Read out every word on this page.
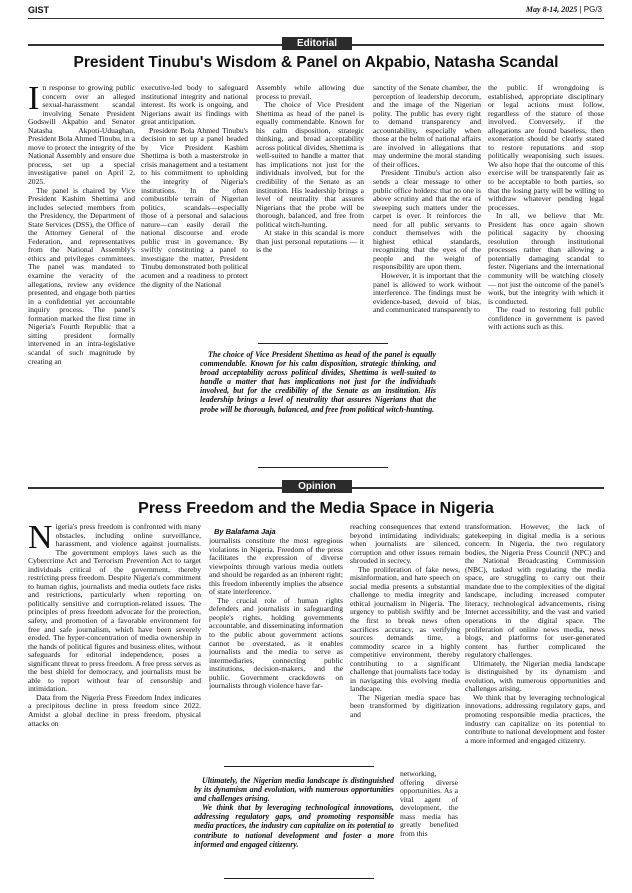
GIST	May 8-14, 2025 | PG/3
Editorial
President Tinubu's Wisdom & Panel on Akpabio, Natasha Scandal
I n response to growing public concern over an alleged sexual-harassment scandal involving Senate President Godswill Akpabio and Senator Natasha Akpoti-Uduaghan, President Bola Ahmed Tinubu, in a move to protect the integrity of the National Assembly and ensure due process, set up a special investigative panel on April 2, 2025.

The panel is chaired by Vice President Kashim Shettima and includes selected members from the Presidency, the Department of State Services (DSS), the Office of the Attorney General of the Federation, and representatives from the National Assembly's ethics and privileges committees. The panel was mandated to examine the veracity of the allegations, review any evidence presented, and engage both parties in a confidential yet accountable inquiry process. The panel's formation marked the first time in Nigeria's Fourth Republic that a sitting president formally intervened in an intra-legislative scandal of such magnitude by creating an

executive-led body to safeguard institutional integrity and national interest. Its work is ongoing, and Nigerians await its findings with great anticipation.

President Bola Ahmed Tinubu's decision to set up a panel headed by Vice President Kashim Shettima is both a masterstroke in crisis management and a testament to his commitment to upholding the integrity of Nigeria's institutions. In the often combustible terrain of Nigerian politics, scandals—especially those of a personal and salacious nature—can easily derail the national discourse and erode public trust in governance. By swiftly constituting a panel to investigate the matter, President Tinubu demonstrated both political acumen and a readiness to protect the dignity of the National

Assembly while allowing due process to prevail.

The choice of Vice President Shettima as head of the panel is equally commendable. Known for his calm disposition, strategic thinking, and broad acceptability across political divides, Shettima is well-suited to handle a matter that has implications not just for the individuals involved, but for the credibility of the Senate as an institution. His leadership brings a level of neutrality that assures Nigerians that the probe will be thorough, balanced, and free from political witch-hunting.

At stake in this scandal is more than just personal reputations — it is the

sanctity of the Senate chamber, the perception of leadership decorum, and the image of the Nigerian polity. The public has every right to demand transparency and accountability, especially when those at the helm of national affairs are involved in allegations that may undermine the moral standing of their offices.

President Tinubu's action also sends a clear message to other public office holders: that no one is above scrutiny and that the era of sweeping such matters under the carpet is over. It reinforces the need for all public servants to conduct themselves with the highest ethical standards, recognizing that the eyes of the people and the weight of responsibility are upon them.

However, it is important that the panel is allowed to work without interference. The findings must be evidence-based, devoid of bias, and communicated transparently to

the public. If wrongdoing is established, appropriate disciplinary or legal actions must follow, regardless of the stature of those involved. Conversely, if the allegations are found baseless, then exoneration should be clearly stated to restore reputations and stop politically weaponising such issues. We also hope that the outcome of this exercise will be transparently fair as to be acceptable to both parties, so that the losing party will be willing to withdraw whatever pending legal processes.

In all, we believe that Mr. President has once again shown political sagacity by choosing resolution through institutional processes rather than allowing a potentially damaging scandal to fester. Nigerians and the international community will be watching closely — not just the outcome of the panel's work, but the integrity with which it is conducted.

The road to restoring full public confidence in government is paved with actions such as this.

The choice of Vice President Shettima as head of the panel is equally commendable. Known for his calm disposition, strategic thinking, and broad acceptability across political divides, Shettima is well-suited to handle a matter that has implications not just for the individuals involved, but for the credibility of the Senate as an institution. His leadership brings a level of neutrality that assures Nigerians that the probe will be thorough, balanced, and free from political witch-hunting.

Opinion
Press Freedom and the Media Space in Nigeria
By Balafama Jaja
N igeria's press freedom is confronted with many obstacles, including online surveillance, harassment, and violence against journalists. The government employs laws such as the Cybercrime Act and Terrorism Prevention Act to target individuals critical of the government, thereby restricting press freedom. Despite Nigeria's commitment to human rights, journalists and media outlets face risks and restrictions, particularly when reporting on politically sensitive and corruption-related issues. The principles of press freedom advocate for the protection, safety, and promotion of a favorable environment for free and safe journalism, which have been severely eroded. The hyper-concentration of media ownership in the hands of political figures and business elites, without safeguards for editorial independence, poses a significant threat to press freedom. A free press serves as the best shield for democracy, and journalists must be able to report without fear of censorship and intimidation.

Data from the Nigeria Press Freedom Index indicates a precipitous decline in press freedom since 2022. Amidst a global decline in press freedom, physical attacks on

journalists constitute the most egregious violations in Nigeria. Freedom of the press facilitates the expression of diverse viewpoints through various media outlets and should be regarded as an inherent right; this freedom inherently implies the absence of state interference.

The crucial role of human rights defenders and journalists in safeguarding people's rights, holding governments accountable, and disseminating information to the public about government actions cannot be overstated, as it enables journalists and the media to serve as intermediaries, connecting public institutions, decision-makers, and the public. Government crackdowns on journalists through violence have far-

reaching consequences that extend beyond intimidating individuals; when journalists are silenced, corruption and other issues remain shrouded in secrecy.

The proliferation of fake news, misinformation, and hate speech on social media presents a substantial challenge to media integrity and ethical journalism in Nigeria. The urgency to publish swiftly and be the first to break news often sacrifices accuracy, as verifying sources demands time, a commodity scarce in a highly competitive environment, thereby contributing to a significant challenge that journalists face today in navigating this evolving media landscape.

The Nigerian media space has been transformed by digitization and

networking, offering diverse opportunities. As a vital agent of development, the mass media has greatly benefited from this

transformation. However, the lack of gatekeeping in digital media is a serious concern. In Nigeria, the two regulatory bodies, the Nigeria Press Council (NPC) and the National Broadcasting Commission (NBC), tasked with regulating the media space, are struggling to carry out their mandate due to the complexities of the digital landscape, including increased computer literacy, technological advancements, rising Internet accessibility, and the vast and varied operations in the digital space. The proliferation of online news media, news blogs, and platforms for user-generated content has further complicated the regulatory challenges.

Ultimately, the Nigerian media landscape is distinguished by its dynamism and evolution, with numerous opportunities and challenges arising.

We think that by leveraging technological innovations, addressing regulatory gaps, and promoting responsible media practices, the industry can capitalize on its potential to contribute to national development and foster a more informed and engaged citizenry.

Ultimately, the Nigerian media landscape is distinguished by its dynamism and evolution, with numerous opportunities and challenges arising.

We think that by leveraging technological innovations, addressing regulatory gaps, and promoting responsible media practices, the industry can capitalize on its potential to contribute to national development and foster a more informed and engaged citizenry.
